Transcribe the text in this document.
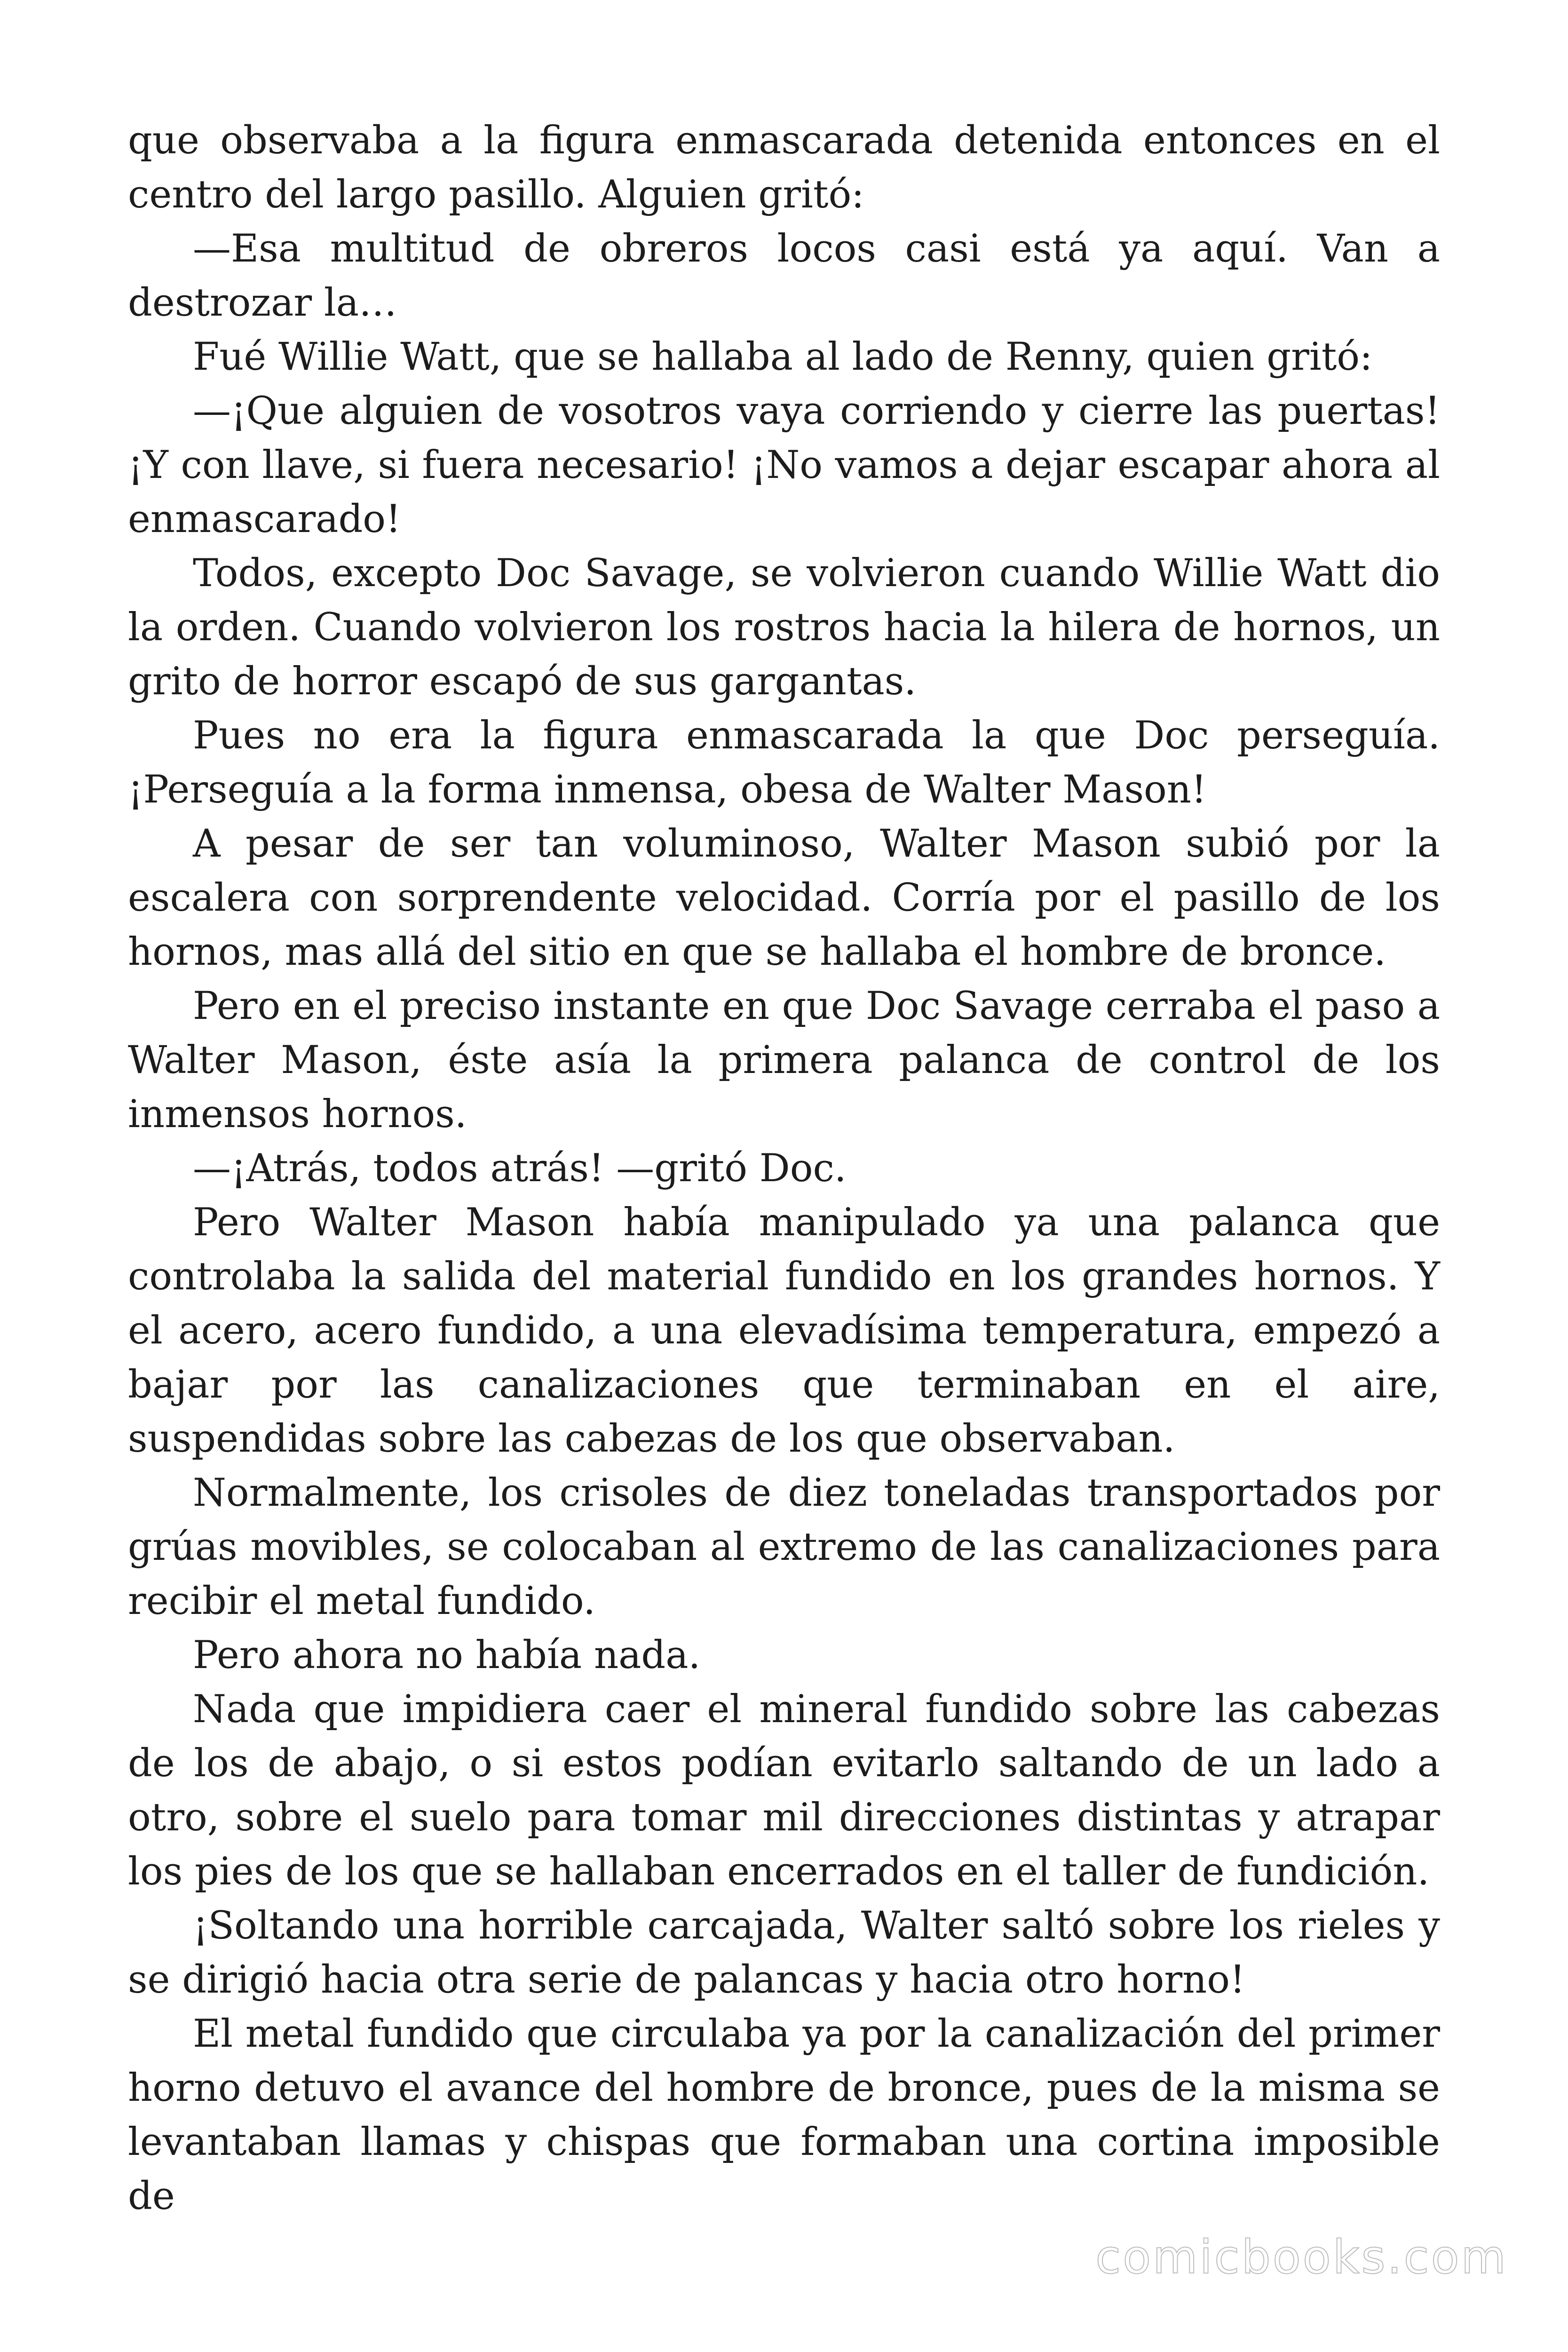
que observaba a la figura enmascarada detenida entonces en el centro del largo pasillo. Alguien gritó:

—Esa multitud de obreros locos casi está ya aquí. Van a destrozar la…

Fué Willie Watt, que se hallaba al lado de Renny, quien gritó:

—¡Que alguien de vosotros vaya corriendo y cierre las puertas! ¡Y con llave, si fuera necesario! ¡No vamos a dejar escapar ahora al enmascarado!

Todos, excepto Doc Savage, se volvieron cuando Willie Watt dio la orden. Cuando volvieron los rostros hacia la hilera de hornos, un grito de horror escapó de sus gargantas.

Pues no era la figura enmascarada la que Doc perseguía. ¡Perseguía a la forma inmensa, obesa de Walter Mason!

A pesar de ser tan voluminoso, Walter Mason subió por la escalera con sorprendente velocidad. Corría por el pasillo de los hornos, mas allá del sitio en que se hallaba el hombre de bronce.

Pero en el preciso instante en que Doc Savage cerraba el paso a Walter Mason, éste asía la primera palanca de control de los inmensos hornos.

—¡Atrás, todos atrás! —gritó Doc.

Pero Walter Mason había manipulado ya una palanca que controlaba la salida del material fundido en los grandes hornos. Y el acero, acero fundido, a una elevadísima temperatura, empezó a bajar por las canalizaciones que terminaban en el aire, suspendidas sobre las cabezas de los que observaban.

Normalmente, los crisoles de diez toneladas transportados por grúas movibles, se colocaban al extremo de las canalizaciones para recibir el metal fundido.

Pero ahora no había nada.

Nada que impidiera caer el mineral fundido sobre las cabezas de los de abajo, o si estos podían evitarlo saltando de un lado a otro, sobre el suelo para tomar mil direcciones distintas y atrapar los pies de los que se hallaban encerrados en el taller de fundición.

¡Soltando una horrible carcajada, Walter saltó sobre los rieles y se dirigió hacia otra serie de palancas y hacia otro horno!

El metal fundido que circulaba ya por la canalización del primer horno detuvo el avance del hombre de bronce, pues de la misma se levantaban llamas y chispas que formaban una cortina imposible de

comicbooks.com
